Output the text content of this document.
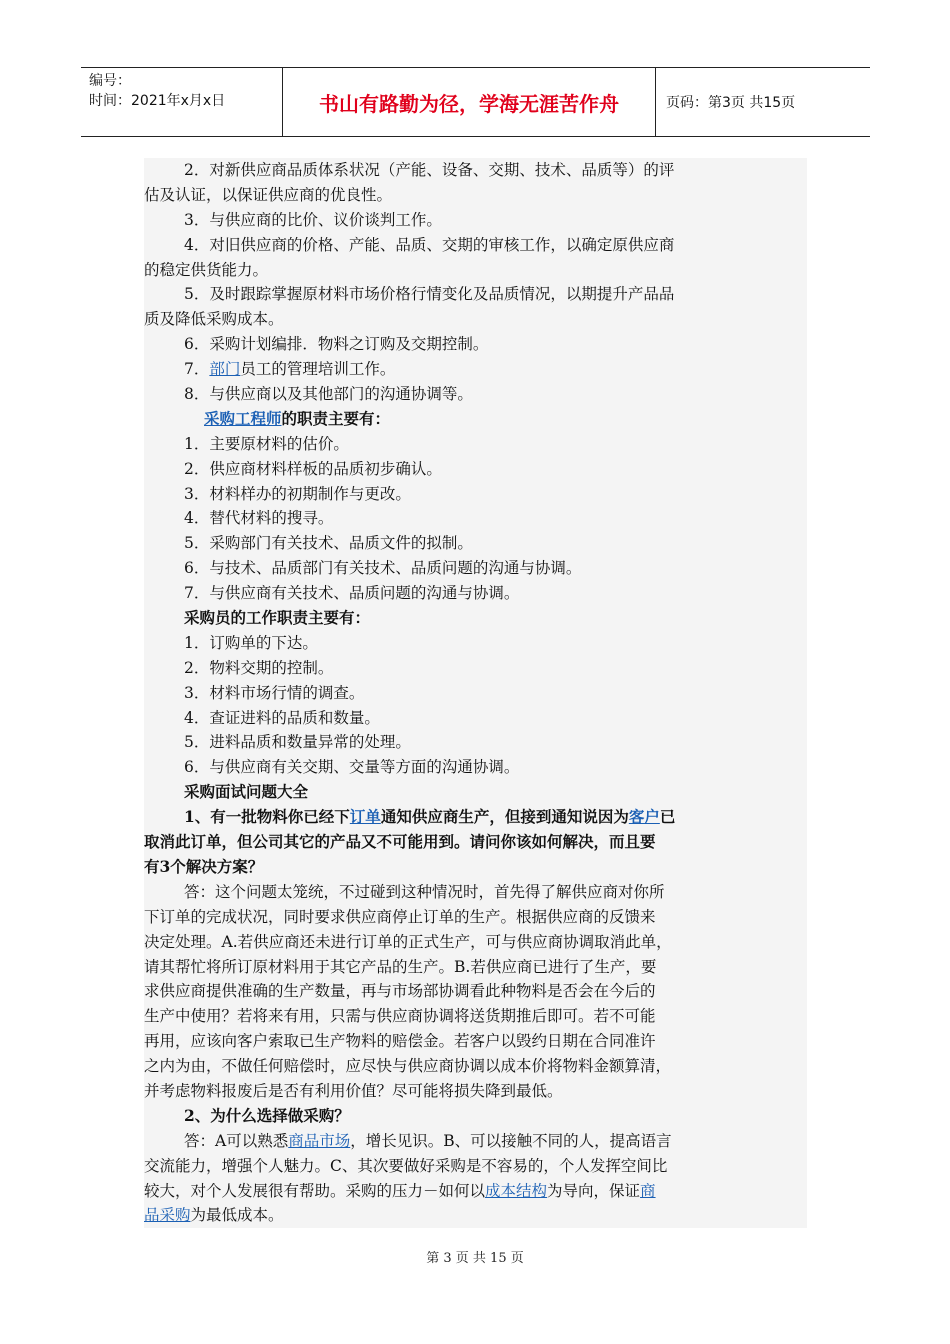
编号：
时间：2021年x月x日	书山有路勤为径，学海无涯苦作舟	页码：第3页 共15页
2．对新供应商品质体系状况（产能、设备、交期、技术、品质等）的评
估及认证，以保证供应商的优良性。
3．与供应商的比价、议价谈判工作。
4．对旧供应商的价格、产能、品质、交期的审核工作，以确定原供应商
的稳定供货能力。
5．及时跟踪掌握原材料市场价格行情变化及品质情况，以期提升产品品
质及降低采购成本。
6．采购计划编排．物料之订购及交期控制。
7．部门员工的管理培训工作。
8．与供应商以及其他部门的沟通协调等。
采购工程师的职责主要有：
1．主要原材料的估价。
2．供应商材料样板的品质初步确认。
3．材料样办的初期制作与更改。
4．替代材料的搜寻。
5．采购部门有关技术、品质文件的拟制。
6．与技术、品质部门有关技术、品质问题的沟通与协调。
7．与供应商有关技术、品质问题的沟通与协调。
采购员的工作职责主要有：
1．订购单的下达。
2．物料交期的控制。
3．材料市场行情的调查。
4．查证进料的品质和数量。
5．进料品质和数量异常的处理。
6．与供应商有关交期、交量等方面的沟通协调。
采购面试问题大全
1、有一批物料你已经下订单通知供应商生产，但接到通知说因为客户已
取消此订单，但公司其它的产品又不可能用到。请问你该如何解决，而且要
有3个解决方案？
答：这个问题太笼统，不过碰到这种情况时，首先得了解供应商对你所
下订单的完成状况，同时要求供应商停止订单的生产。根据供应商的反馈来
决定处理。A.若供应商还未进行订单的正式生产，可与供应商协调取消此单，
请其帮忙将所订原材料用于其它产品的生产。B.若供应商已进行了生产，要
求供应商提供准确的生产数量，再与市场部协调看此种物料是否会在今后的
生产中使用？若将来有用，只需与供应商协调将送货期推后即可。若不可能
再用，应该向客户索取已生产物料的赔偿金。若客户以毁约日期在合同准许
之内为由，不做任何赔偿时，应尽快与供应商协调以成本价将物料金额算清，
并考虑物料报废后是否有利用价值？尽可能将损失降到最低。
2、为什么选择做采购？
答：A可以熟悉商品市场，增长见识。B、可以接触不同的人，提高语言
交流能力，增强个人魅力。C、其次要做好采购是不容易的，个人发挥空间比
较大，对个人发展很有帮助。采购的压力－如何以成本结构为导向，保证商
品采购为最低成本。
第 3 页 共 15 页
